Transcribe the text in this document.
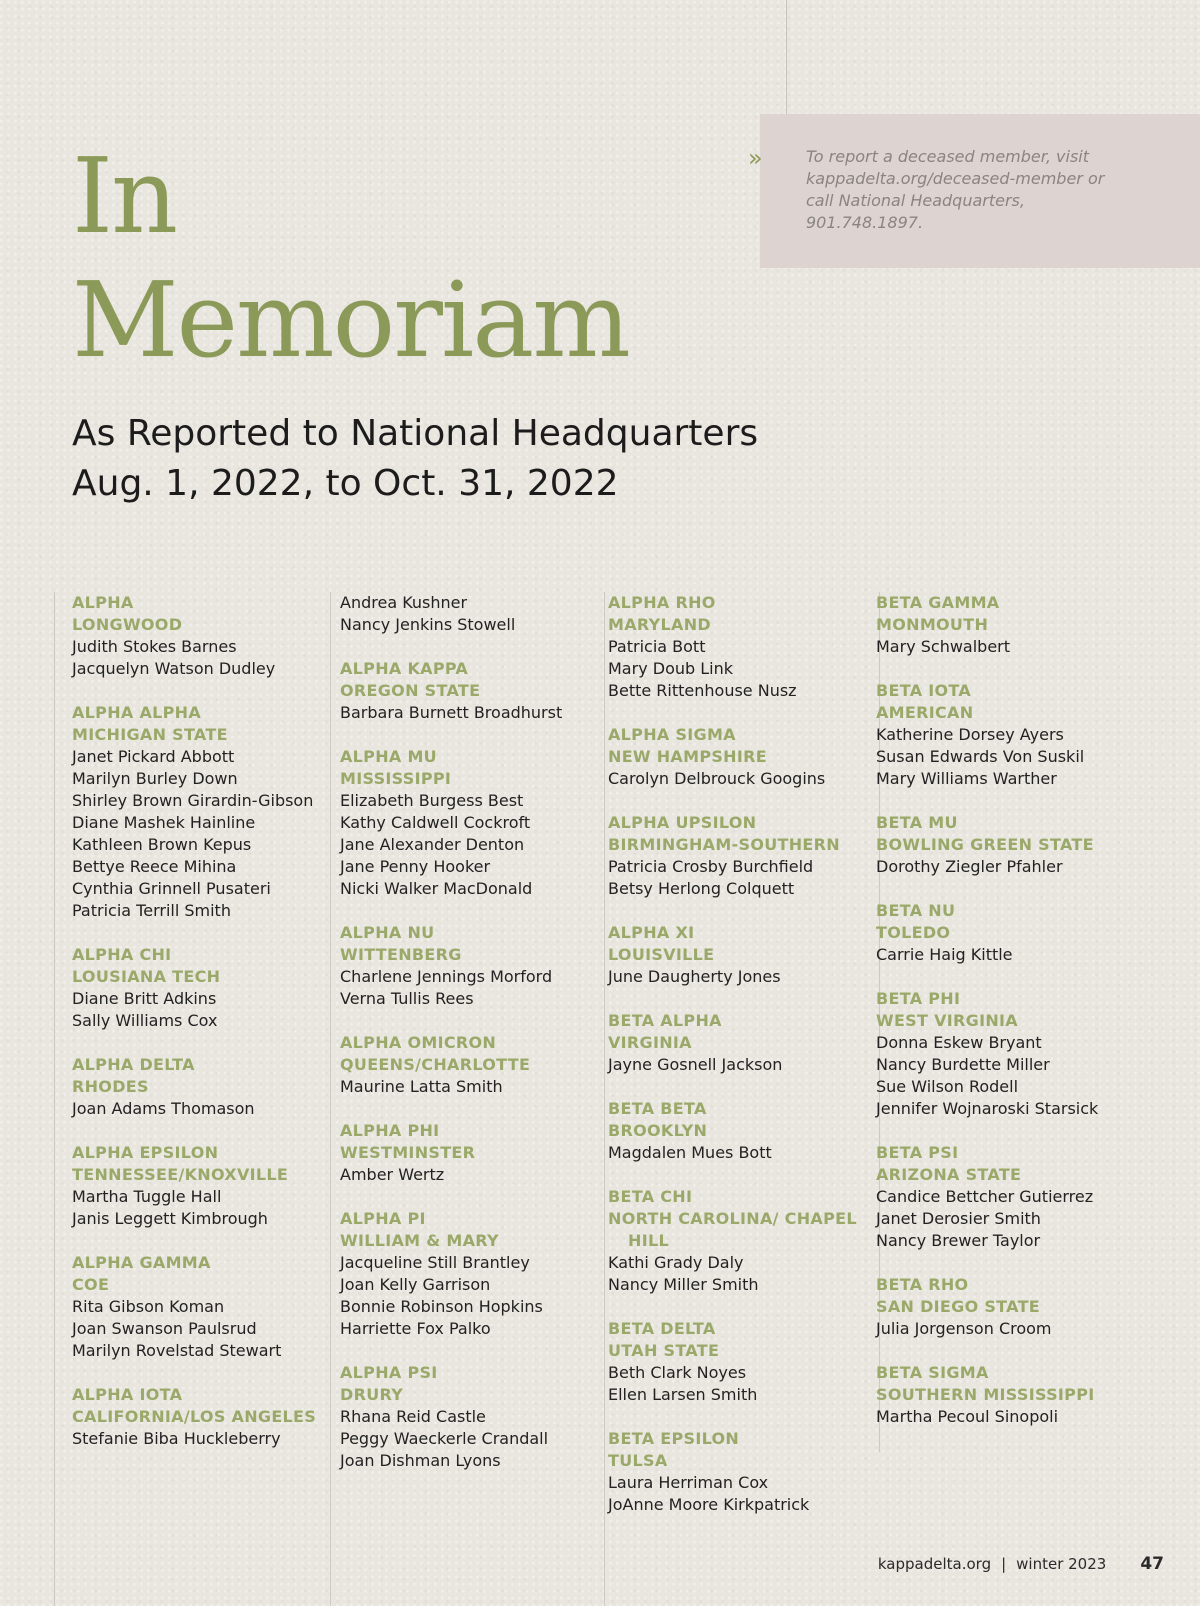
»	To report a deceased member, visit kappadelta.org/deceased-member or call National Headquarters, 901.748.1897.
In
Memoriam
As Reported to National Headquarters
Aug. 1, 2022, to Oct. 31, 2022
ALPHA
LONGWOOD
Judith Stokes Barnes
Jacquelyn Watson Dudley
ALPHA ALPHA
MICHIGAN STATE
Janet Pickard Abbott
Marilyn Burley Down
Shirley Brown Girardin-Gibson
Diane Mashek Hainline
Kathleen Brown Kepus
Bettye Reece Mihina
Cynthia Grinnell Pusateri
Patricia Terrill Smith
ALPHA CHI
LOUSIANA TECH
Diane Britt Adkins
Sally Williams Cox
ALPHA DELTA
RHODES
Joan Adams Thomason
ALPHA EPSILON
TENNESSEE/KNOXVILLE
Martha Tuggle Hall
Janis Leggett Kimbrough
ALPHA GAMMA
COE
Rita Gibson Koman
Joan Swanson Paulsrud
Marilyn Rovelstad Stewart
ALPHA IOTA
CALIFORNIA/LOS ANGELES
Stefanie Biba Huckleberry
Andrea Kushner
Nancy Jenkins Stowell
ALPHA KAPPA
OREGON STATE
Barbara Burnett Broadhurst
ALPHA MU
MISSISSIPPI
Elizabeth Burgess Best
Kathy Caldwell Cockroft
Jane Alexander Denton
Jane Penny Hooker
Nicki Walker MacDonald
ALPHA NU
WITTENBERG
Charlene Jennings Morford
Verna Tullis Rees
ALPHA OMICRON
QUEENS/CHARLOTTE
Maurine Latta Smith
ALPHA PHI
WESTMINSTER
Amber Wertz
ALPHA PI
WILLIAM & MARY
Jacqueline Still Brantley
Joan Kelly Garrison
Bonnie Robinson Hopkins
Harriette Fox Palko
ALPHA PSI
DRURY
Rhana Reid Castle
Peggy Waeckerle Crandall
Joan Dishman Lyons
ALPHA RHO
MARYLAND
Patricia Bott
Mary Doub Link
Bette Rittenhouse Nusz
ALPHA SIGMA
NEW HAMPSHIRE
Carolyn Delbrouck Googins
ALPHA UPSILON
BIRMINGHAM-SOUTHERN
Patricia Crosby Burchfield
Betsy Herlong Colquett
ALPHA XI
LOUISVILLE
June Daugherty Jones
BETA ALPHA
VIRGINIA
Jayne Gosnell Jackson
BETA BETA
BROOKLYN
Magdalen Mues Bott
BETA CHI
NORTH CAROLINA/ CHAPEL HILL
Kathi Grady Daly
Nancy Miller Smith
BETA DELTA
UTAH STATE
Beth Clark Noyes
Ellen Larsen Smith
BETA EPSILON
TULSA
Laura Herriman Cox
JoAnne Moore Kirkpatrick
BETA GAMMA
MONMOUTH
Mary Schwalbert
BETA IOTA
AMERICAN
Katherine Dorsey Ayers
Susan Edwards Von Suskil
Mary Williams Warther
BETA MU
BOWLING GREEN STATE
Dorothy Ziegler Pfahler
BETA NU
TOLEDO
Carrie Haig Kittle
BETA PHI
WEST VIRGINIA
Donna Eskew Bryant
Nancy Burdette Miller
Sue Wilson Rodell
Jennifer Wojnaroski Starsick
BETA PSI
ARIZONA STATE
Candice Bettcher Gutierrez
Janet Derosier Smith
Nancy Brewer Taylor
BETA RHO
SAN DIEGO STATE
Julia Jorgenson Croom
BETA SIGMA
SOUTHERN MISSISSIPPI
Martha Pecoul Sinopoli
kappadelta.org | winter 2023 47
